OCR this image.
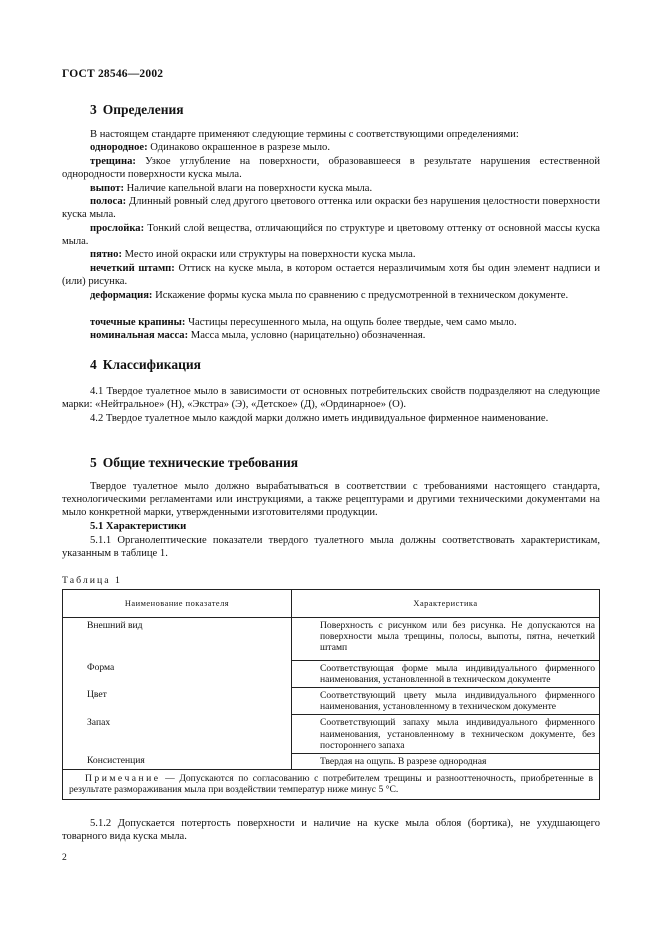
ГОСТ 28546—2002
3 Определения
В настоящем стандарте применяют следующие термины с соответствующими определениями:
однородное: Одинаково окрашенное в разрезе мыло.
трещина: Узкое углубление на поверхности, образовавшееся в результате нарушения естественной однородности поверхности куска мыла.
выпот: Наличие капельной влаги на поверхности куска мыла.
полоса: Длинный ровный след другого цветового оттенка или окраски без нарушения целостности поверхности куска мыла.
прослойка: Тонкий слой вещества, отличающийся по структуре и цветовому оттенку от основной массы куска мыла.
пятно: Место иной окраски или структуры на поверхности куска мыла.
нечеткий штамп: Оттиск на куске мыла, в котором остается неразличимым хотя бы один элемент надписи и (или) рисунка.
деформация: Искажение формы куска мыла по сравнению с предусмотренной в техническом документе.
точечные крапины: Частицы пересушенного мыла, на ощупь более твердые, чем само мыло.
номинальная масса: Масса мыла, условно (нарицательно) обозначенная.
4 Классификация
4.1 Твердое туалетное мыло в зависимости от основных потребительских свойств подразделяют на следующие марки: «Нейтральное» (Н), «Экстра» (Э), «Детское» (Д), «Ординарное» (О).
4.2 Твердое туалетное мыло каждой марки должно иметь индивидуальное фирменное наименование.
5 Общие технические требования
Твердое туалетное мыло должно вырабатываться в соответствии с требованиями настоящего стандарта, технологическими регламентами или инструкциями, а также рецептурами и другими техническими документами на мыло конкретной марки, утвержденными изготовителями продукции.
5.1 Характеристики
5.1.1 Органолептические показатели твердого туалетного мыла должны соответствовать характеристикам, указанным в таблице 1.
Таблица 1
Наименование показателя	Характеристика
Внешний вид	Поверхность с рисунком или без рисунка. Не допускаются на поверхности мыла трещины, полосы, выпоты, пятна, нечеткий штамп

Форма	Соответствующая форме мыла индивидуального фирменного наименования, установленной в техническом документе

Цвет	Соответствующий цвету мыла индивидуального фирменного наименования, установленному в техническом документе

Запах	Соответствующий запаху мыла индивидуального фирменного наименования, установленному в техническом документе, без постороннего запаха

Консистенция	Твердая на ощупь. В разрезе однородная

Примечание — Допускаются по согласованию с потребителем трещины и разнооттеночность, приобретенные в результате размораживания мыла при воздействии температур ниже минус 5 °С.	
5.1.2 Допускается потертость поверхности и наличие на куске мыла облоя (бортика), не ухудшающего товарного вида куска мыла.
2
